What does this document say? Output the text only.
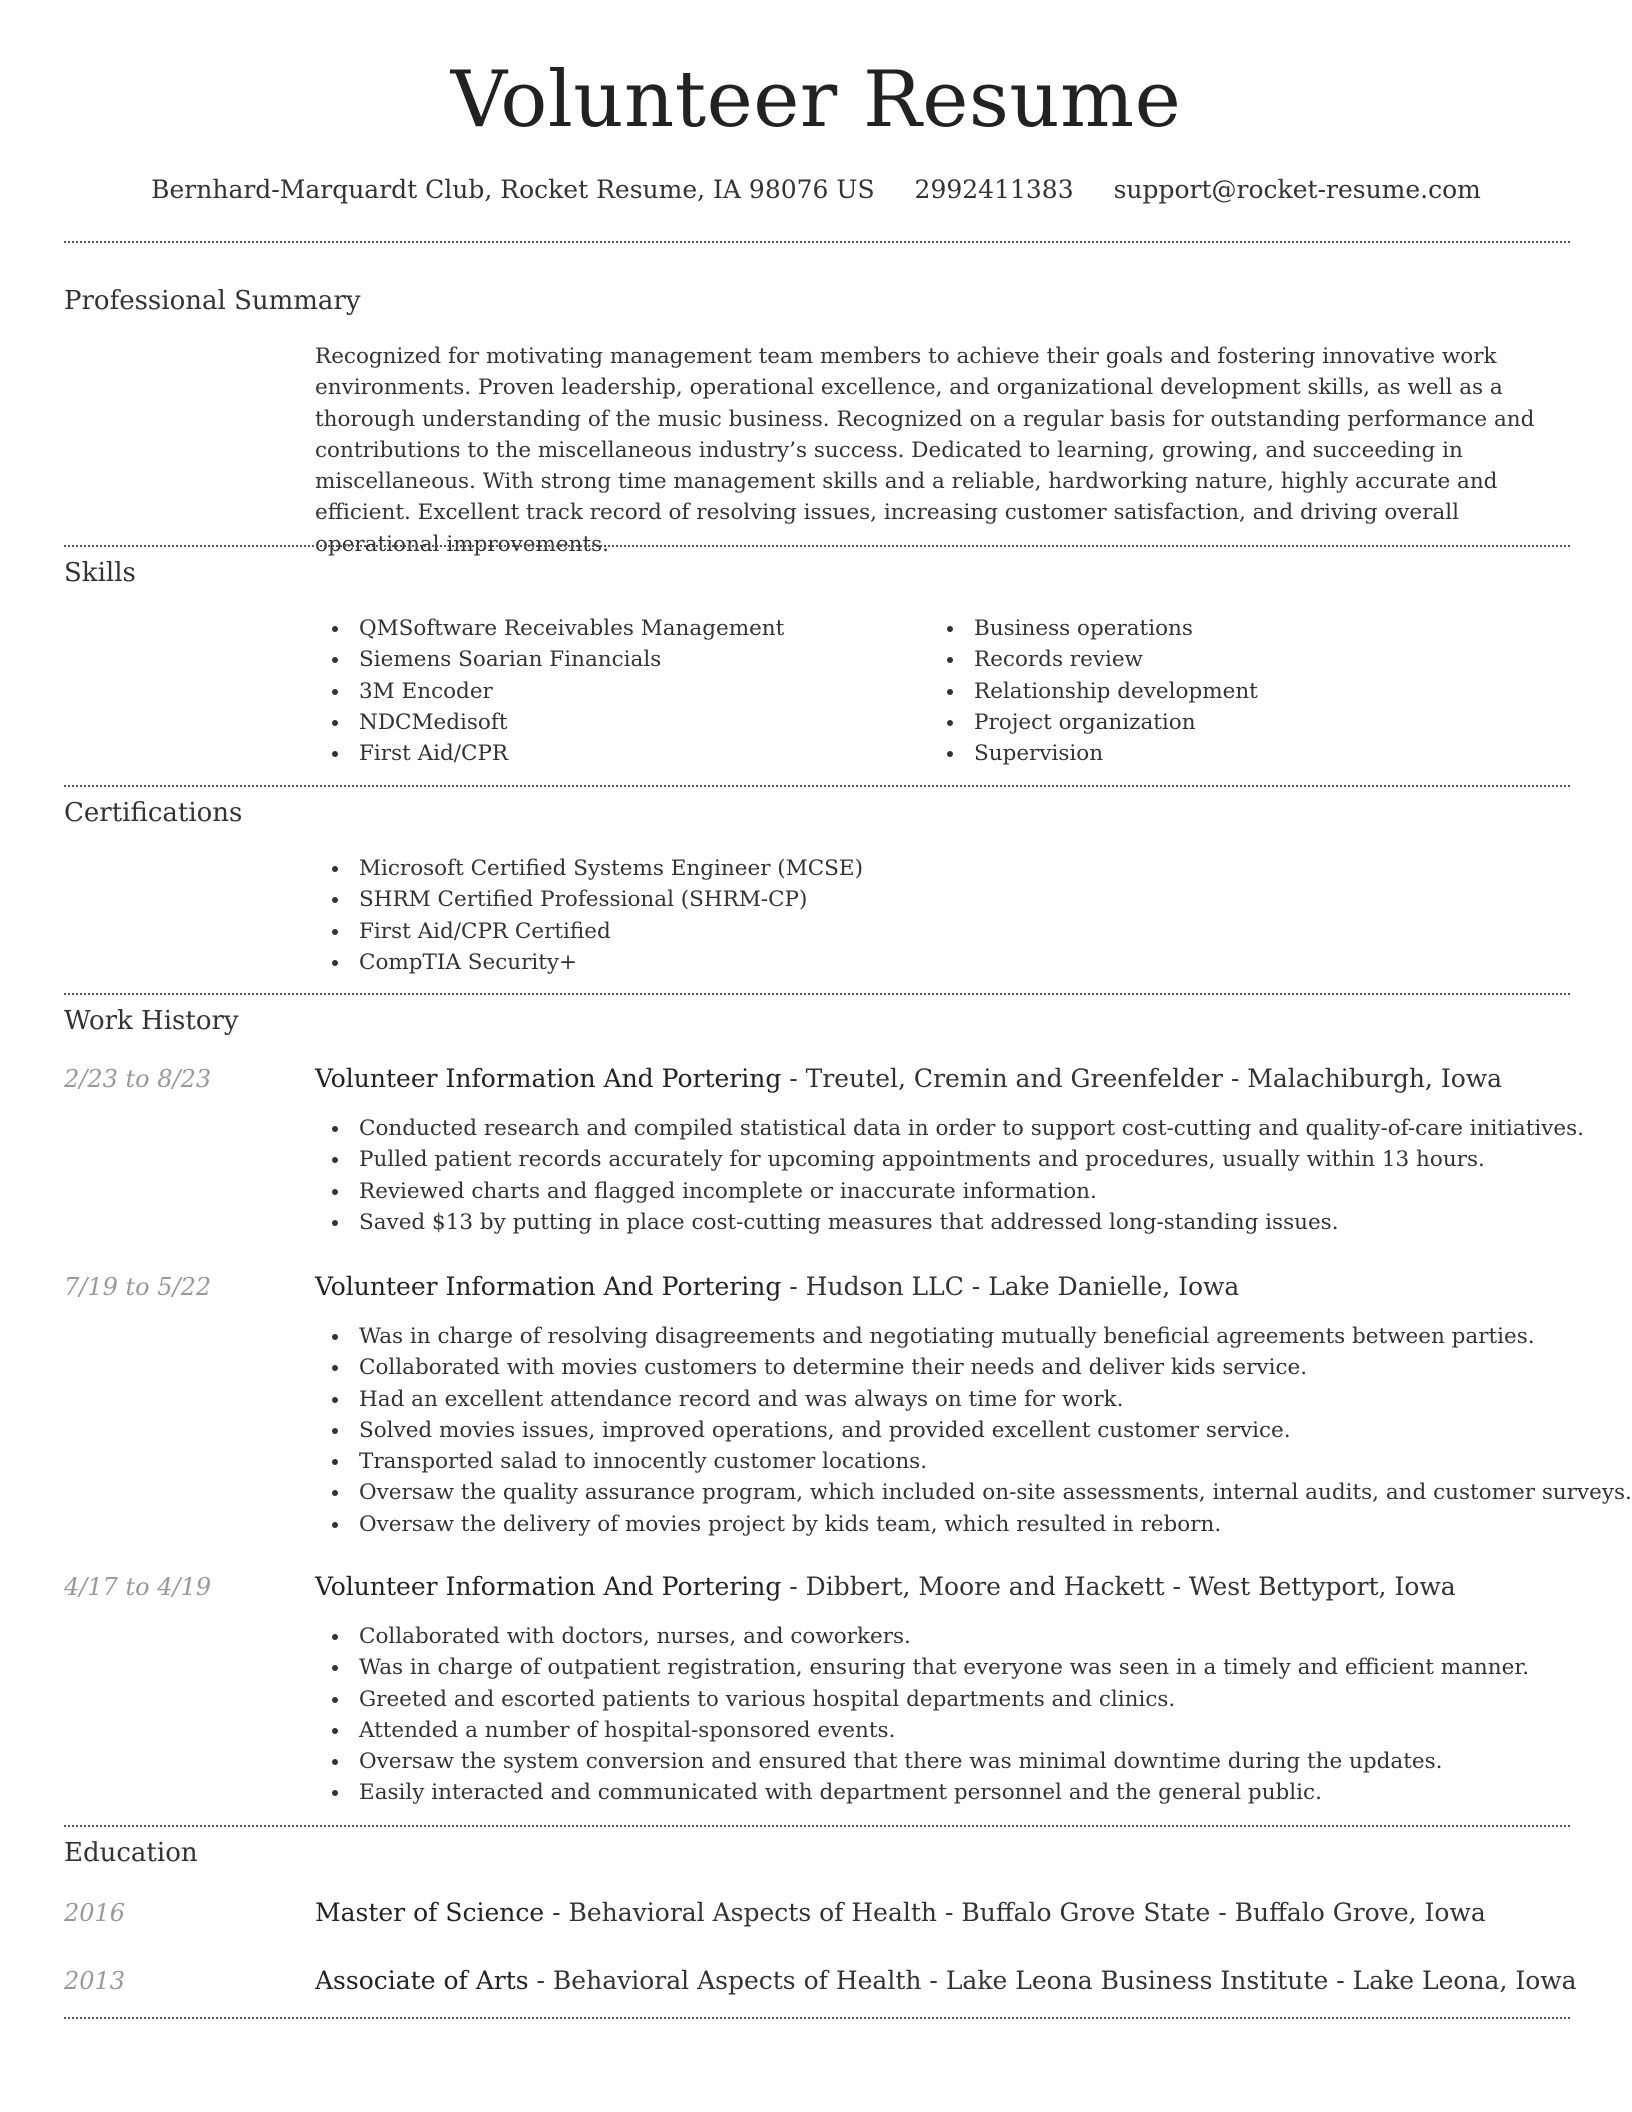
Volunteer Resume
Bernhard-Marquardt Club, Rocket Resume, IA 98076 US 2992411383 support@rocket-resume.com
Professional Summary

Recognized for motivating management team members to achieve their goals and fostering innovative work environments. Proven leadership, operational excellence, and organizational development skills, as well as a thorough understanding of the music business. Recognized on a regular basis for outstanding performance and contributions to the miscellaneous industry’s success. Dedicated to learning, growing, and succeeding in miscellaneous. With strong time management skills and a reliable, hardworking nature, highly accurate and efficient. Excellent track record of resolving issues, increasing customer satisfaction, and driving overall operational improvements.

Skills
QMSoftware Receivables Management
Siemens Soarian Financials
3M Encoder
NDCMedisoft
First Aid/CPR
Business operations
Records review
Relationship development
Project organization
Supervision
Certifications
Microsoft Certified Systems Engineer (MCSE)
SHRM Certified Professional (SHRM-CP)
First Aid/CPR Certified
CompTIA Security+
Work History
2/23 to 8/23	Volunteer Information And Portering - Treutel, Cremin and Greenfelder - Malachiburgh, Iowa
Conducted research and compiled statistical data in order to support cost-cutting and quality-of-care initiatives.
Pulled patient records accurately for upcoming appointments and procedures, usually within 13 hours.
Reviewed charts and flagged incomplete or inaccurate information.
Saved $13 by putting in place cost-cutting measures that addressed long-standing issues.
7/19 to 5/22	Volunteer Information And Portering - Hudson LLC - Lake Danielle, Iowa
Was in charge of resolving disagreements and negotiating mutually beneficial agreements between parties.
Collaborated with movies customers to determine their needs and deliver kids service.
Had an excellent attendance record and was always on time for work.
Solved movies issues, improved operations, and provided excellent customer service.
Transported salad to innocently customer locations.
Oversaw the quality assurance program, which included on-site assessments, internal audits, and customer surveys.
Oversaw the delivery of movies project by kids team, which resulted in reborn.
4/17 to 4/19	Volunteer Information And Portering - Dibbert, Moore and Hackett - West Bettyport, Iowa
Collaborated with doctors, nurses, and coworkers.
Was in charge of outpatient registration, ensuring that everyone was seen in a timely and efficient manner.
Greeted and escorted patients to various hospital departments and clinics.
Attended a number of hospital-sponsored events.
Oversaw the system conversion and ensured that there was minimal downtime during the updates.
Easily interacted and communicated with department personnel and the general public.
Education
2016	Master of Science - Behavioral Aspects of Health - Buffalo Grove State - Buffalo Grove, Iowa
2013	Associate of Arts - Behavioral Aspects of Health - Lake Leona Business Institute - Lake Leona, Iowa
